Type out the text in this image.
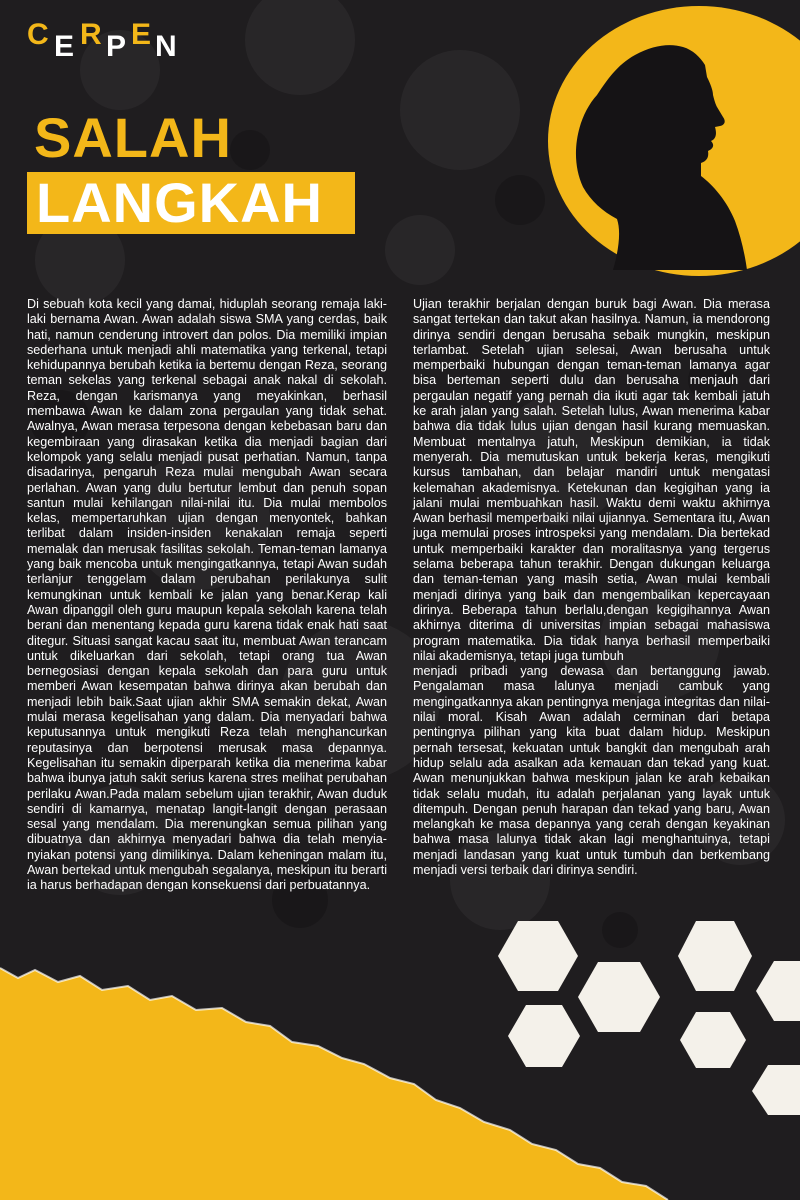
C E R P E N
SALAH
LANGKAH

Di sebuah kota kecil yang damai, hiduplah seorang remaja laki-laki bernama Awan. Awan adalah siswa SMA yang cerdas, baik hati, namun cenderung introvert dan polos. Dia memiliki impian sederhana untuk menjadi ahli matematika yang terkenal, tetapi kehidupannya berubah ketika ia bertemu dengan Reza, seorang teman sekelas yang terkenal sebagai anak nakal di sekolah. Reza, dengan karismanya yang meyakinkan, berhasil membawa Awan ke dalam zona pergaulan yang tidak sehat. Awalnya, Awan merasa terpesona dengan kebebasan baru dan kegembiraan yang dirasakan ketika dia menjadi bagian dari kelompok yang selalu menjadi pusat perhatian. Namun, tanpa disadarinya, pengaruh Reza mulai mengubah Awan secara perlahan. Awan yang dulu bertutur lembut dan penuh sopan santun mulai kehilangan nilai-nilai itu. Dia mulai membolos kelas, mempertaruhkan ujian dengan menyontek, bahkan terlibat dalam insiden-insiden kenakalan remaja seperti memalak dan merusak fasilitas sekolah. Teman-teman lamanya yang baik mencoba untuk mengingatkannya, tetapi Awan sudah terlanjur tenggelam dalam perubahan perilakunya sulit kemungkinan untuk kembali ke jalan yang benar.Kerap kali Awan dipanggil oleh guru maupun kepala sekolah karena telah berani dan menentang kepada guru karena tidak enak hati saat ditegur. Situasi sangat kacau saat itu, membuat Awan terancam untuk dikeluarkan dari sekolah, tetapi orang tua Awan bernegosiasi dengan kepala sekolah dan para guru untuk memberi Awan kesempatan bahwa dirinya akan berubah dan menjadi lebih baik.Saat ujian akhir SMA semakin dekat, Awan mulai merasa kegelisahan yang dalam. Dia menyadari bahwa keputusannya untuk mengikuti Reza telah menghancurkan reputasinya dan berpotensi merusak masa depannya. Kegelisahan itu semakin diperparah ketika dia menerima kabar bahwa ibunya jatuh sakit serius karena stres melihat perubahan perilaku Awan.Pada malam sebelum ujian terakhir, Awan duduk sendiri di kamarnya, menatap langit-langit dengan perasaan sesal yang mendalam. Dia merenungkan semua pilihan yang dibuatnya dan akhirnya menyadari bahwa dia telah menyia-nyiakan potensi yang dimilikinya. Dalam keheningan malam itu, Awan bertekad untuk mengubah segalanya, meskipun itu berarti ia harus berhadapan dengan konsekuensi dari perbuatannya.

Ujian terakhir berjalan dengan buruk bagi Awan. Dia merasa sangat tertekan dan takut akan hasilnya. Namun, ia mendorong dirinya sendiri dengan berusaha sebaik mungkin, meskipun terlambat. Setelah ujian selesai, Awan berusaha untuk memperbaiki hubungan dengan teman-teman lamanya agar bisa berteman seperti dulu dan berusaha menjauh dari pergaulan negatif yang pernah dia ikuti agar tak kembali jatuh ke arah jalan yang salah. Setelah lulus, Awan menerima kabar bahwa dia tidak lulus ujian dengan hasil kurang memuaskan. Membuat mentalnya jatuh, Meskipun demikian, ia tidak menyerah. Dia memutuskan untuk bekerja keras, mengikuti kursus tambahan, dan belajar mandiri untuk mengatasi kelemahan akademisnya. Ketekunan dan kegigihan yang ia jalani mulai membuahkan hasil. Waktu demi waktu akhirnya Awan berhasil memperbaiki nilai ujiannya. Sementara itu, Awan juga memulai proses introspeksi yang mendalam. Dia bertekad untuk memperbaiki karakter dan moralitasnya yang tergerus selama beberapa tahun terakhir. Dengan dukungan keluarga dan teman-teman yang masih setia, Awan mulai kembali menjadi dirinya yang baik dan mengembalikan kepercayaan dirinya. Beberapa tahun berlalu,dengan kegigihannya Awan akhirnya diterima di universitas impian sebagai mahasiswa program matematika. Dia tidak hanya berhasil memperbaiki nilai akademisnya, tetapi juga tumbuh
menjadi pribadi yang dewasa dan bertanggung jawab. Pengalaman masa lalunya menjadi cambuk yang mengingatkannya akan pentingnya menjaga integritas dan nilai-nilai moral. Kisah Awan adalah cerminan dari betapa pentingnya pilihan yang kita buat dalam hidup. Meskipun pernah tersesat, kekuatan untuk bangkit dan mengubah arah hidup selalu ada asalkan ada kemauan dan tekad yang kuat. Awan menunjukkan bahwa meskipun jalan ke arah kebaikan tidak selalu mudah, itu adalah perjalanan yang layak untuk ditempuh. Dengan penuh harapan dan tekad yang baru, Awan melangkah ke masa depannya yang cerah dengan keyakinan bahwa masa lalunya tidak akan lagi menghantuinya, tetapi menjadi landasan yang kuat untuk tumbuh dan berkembang menjadi versi terbaik dari dirinya sendiri.
